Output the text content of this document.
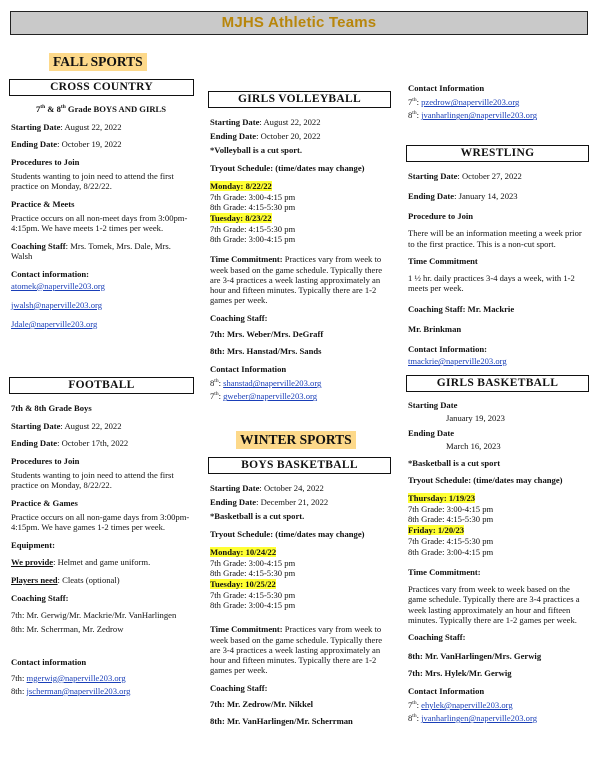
MJHS Athletic Teams
FALL SPORTS
CROSS COUNTRY

7th & 8th Grade BOYS AND GIRLS

Starting Date: August 22, 2022

Ending Date: October 19, 2022

Procedures to Join

Students wanting to join need to attend the first practice on Monday, 8/22/22.

Practice & Meets

Practice occurs on all non-meet days from 3:00pm-4:15pm. We have meets 1-2 times per week.

Coaching Staff: Mrs. Tomek, Mrs. Dale, Mrs. Walsh

Contact information:

atomek@naperville203.org

jwalsh@naperville203.org

Jdale@naperville203.org

FOOTBALL

7th & 8th Grade Boys

Starting Date: August 22, 2022

Ending Date: October 17th, 2022

Procedures to Join

Students wanting to join need to attend the first practice on Monday, 8/22/22.

Practice & Games

Practice occurs on all non-game days from 3:00pm-4:15pm. We have games 1-2 times per week.

Equipment:

We provide: Helmet and game uniform.

Players need: Cleats (optional)

Coaching Staff:

7th: Mr. Gerwig/Mr. Mackrie/Mr. VanHarlingen

8th: Mr. Scherrman, Mr. Zedrow

Contact information

7th: mgerwig@naperville203.org

8th: jscherman@naperville203.org

GIRLS VOLLEYBALL

Starting Date: August 22, 2022

Ending Date: October 20, 2022

*Volleyball is a cut sport.

Tryout Schedule: (time/dates may change)

Monday: 8/22/22
7th Grade: 3:00-4:15 pm
8th Grade: 4:15-5:30 pm
Tuesday: 8/23/22
7th Grade: 4:15-5:30 pm
8th Grade: 3:00-4:15 pm

Time Commitment: Practices vary from week to week based on the game schedule. Typically there are 3-4 practices a week lasting approximately an hour and fifteen minutes. Typically there are 1-2 games per week.

Coaching Staff:

7th: Mrs. Weber/Mrs. DeGraff

8th: Mrs. Hanstad/Mrs. Sands

Contact Information

8th: shanstad@naperville203.org

7th: gweber@naperville203.org

WINTER SPORTS
BOYS BASKETBALL

Starting Date: October 24, 2022

Ending Date: December 21, 2022

*Basketball is a cut sport.

Tryout Schedule: (time/dates may change)

Monday: 10/24/22
7th Grade: 3:00-4:15 pm
8th Grade: 4:15-5:30 pm
Tuesday: 10/25/22
7th Grade: 4:15-5:30 pm
8th Grade: 3:00-4:15 pm

Time Commitment: Practices vary from week to week based on the game schedule. Typically there are 3-4 practices a week lasting approximately an hour and fifteen minutes. Typically there are 1-2 games per week.

Coaching Staff:

7th: Mr. Zedrow/Mr. Nikkel

8th: Mr. VanHarlingen/Mr. Scherrman

Contact Information

7th: pzedrow@naperville203.org

8th: jvanharlingen@naperville203.org

WRESTLING

Starting Date: October 27, 2022

Ending Date: January 14, 2023

Procedure to Join

There will be an information meeting a week prior to the first practice. This is a non-cut sport.

Time Commitment

1 ½ hr. daily practices 3-4 days a week, with 1-2 meets per week.

Coaching Staff: Mr. Mackrie

Mr. Brinkman

Contact Information:

tmackrie@naperville203.org

GIRLS BASKETBALL

Starting Date

January 19, 2023

Ending Date

March 16, 2023

*Basketball is a cut sport

Tryout Schedule: (time/dates may change)

Thursday: 1/19/23
7th Grade: 3:00-4:15 pm
8th Grade: 4:15-5:30 pm
Friday: 1/20/23
7th Grade: 4:15-5:30 pm
8th Grade: 3:00-4:15 pm

Time Commitment:

Practices vary from week to week based on the game schedule. Typically there are 3-4 practices a week lasting approximately an hour and fifteen minutes. Typically there are 1-2 games per week.

Coaching Staff:

8th: Mr. VanHarlingen/Mrs. Gerwig

7th: Mrs. Hylek/Mr. Gerwig

Contact Information

7th: ehylek@naperville203.org

8th: jvanharlingen@naperville203.org
